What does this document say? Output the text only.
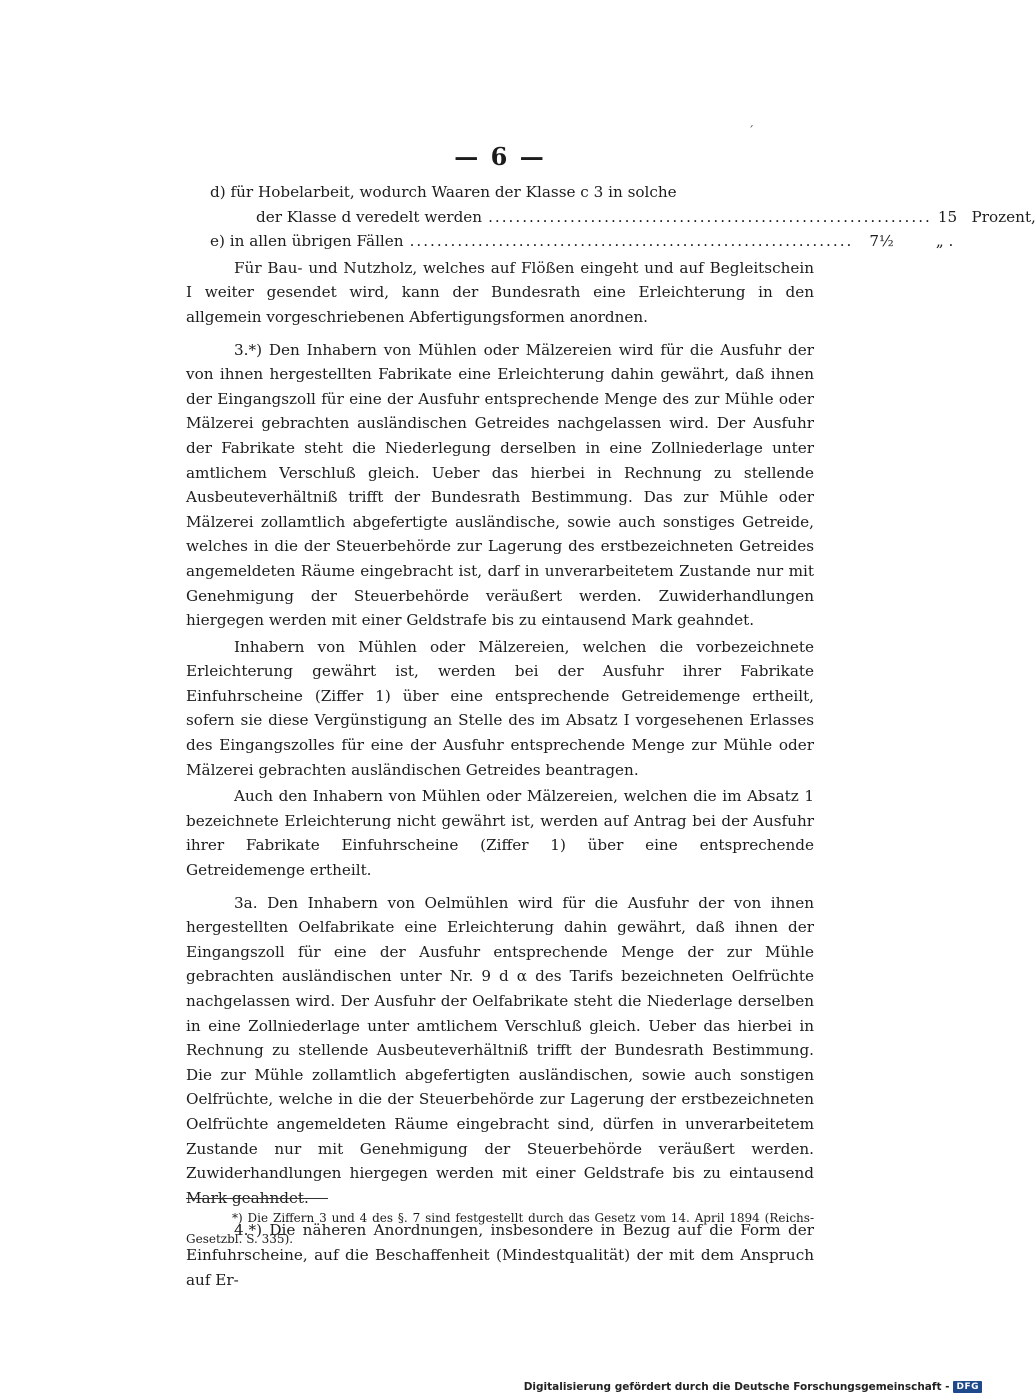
´
— 6 —
d) für Hobelarbeit, wodurch Waaren der Klasse c 3 in solche
der Klasse d veredelt werden ................................................................. 15 Prozent,
e) in allen übrigen Fällen .................................................................	7½	„ .

Für Bau- und Nutzholz, welches auf Flößen eingeht und auf Begleitschein I weiter gesendet wird, kann der Bundesrath eine Erleichterung in den allgemein vorgeschriebenen Abfertigungsformen anordnen.

3.*) Den Inhabern von Mühlen oder Mälzereien wird für die Ausfuhr der von ihnen hergestellten Fabrikate eine Erleichterung dahin gewährt, daß ihnen der Eingangszoll für eine der Ausfuhr entsprechende Menge des zur Mühle oder Mälzerei gebrachten ausländischen Getreides nachgelassen wird. Der Ausfuhr der Fabrikate steht die Niederlegung derselben in eine Zollniederlage unter amtlichem Verschluß gleich. Ueber das hierbei in Rechnung zu stellende Ausbeuteverhältniß trifft der Bundesrath Bestimmung. Das zur Mühle oder Mälzerei zollamtlich abgefertigte ausländische, sowie auch sonstiges Getreide, welches in die der Steuerbehörde zur Lagerung des erstbezeichneten Getreides angemeldeten Räume eingebracht ist, darf in unverarbeitetem Zustande nur mit Genehmigung der Steuerbehörde veräußert werden. Zuwiderhandlungen hiergegen werden mit einer Geldstrafe bis zu eintausend Mark geahndet.

Inhabern von Mühlen oder Mälzereien, welchen die vorbezeichnete Erleichterung gewährt ist, werden bei der Ausfuhr ihrer Fabrikate Einfuhrscheine (Ziffer 1) über eine entsprechende Getreidemenge ertheilt, sofern sie diese Vergünstigung an Stelle des im Absatz I vorgesehenen Erlasses des Eingangszolles für eine der Ausfuhr entsprechende Menge zur Mühle oder Mälzerei gebrachten ausländischen Getreides beantragen.

Auch den Inhabern von Mühlen oder Mälzereien, welchen die im Absatz 1 bezeichnete Erleichterung nicht gewährt ist, werden auf Antrag bei der Ausfuhr ihrer Fabrikate Einfuhrscheine (Ziffer 1) über eine entsprechende Getreidemenge ertheilt.

3a. Den Inhabern von Oelmühlen wird für die Ausfuhr der von ihnen hergestellten Oelfabrikate eine Erleichterung dahin gewährt, daß ihnen der Eingangszoll für eine der Ausfuhr entsprechende Menge der zur Mühle gebrachten ausländischen unter Nr. 9 d α des Tarifs bezeichneten Oelfrüchte nachgelassen wird. Der Ausfuhr der Oelfabrikate steht die Niederlage derselben in eine Zollniederlage unter amtlichem Verschluß gleich. Ueber das hierbei in Rechnung zu stellende Ausbeuteverhältniß trifft der Bundesrath Bestimmung. Die zur Mühle zollamtlich abgefertigten ausländischen, sowie auch sonstigen Oelfrüchte, welche in die der Steuerbehörde zur Lagerung der erstbezeichneten Oelfrüchte angemeldeten Räume eingebracht sind, dürfen in unverarbeitetem Zustande nur mit Genehmigung der Steuerbehörde veräußert werden. Zuwiderhandlungen hiergegen werden mit einer Geldstrafe bis zu eintausend Mark geahndet.

4.*) Die näheren Anordnungen, insbesondere in Bezug auf die Form der Einfuhrscheine, auf die Beschaffenheit (Mindestqualität) der mit dem Anspruch auf Er-

*) Die Ziffern 3 und 4 des §. 7 sind festgestellt durch das Gesetz vom 14. April 1894 (Reichs-Gesetzbl. S. 335).
Digitalisierung gefördert durch die Deutsche Forschungsgemeinschaft - DFG
